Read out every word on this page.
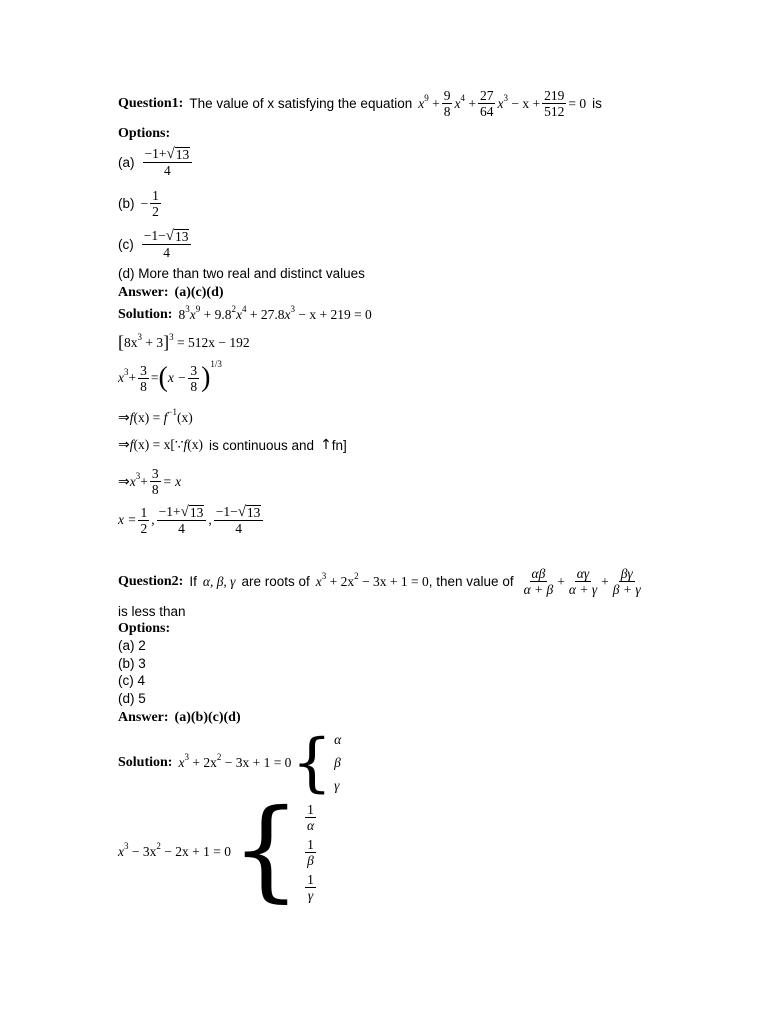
Question1: The value of x satisfying the equation x $9 + \frac{9}{8}$ x $4 + \frac{27}{64}$ x 3
− $x + \frac{219}{512} = 0$ is
Options:
$(a) \frac{-1+ √ 13}{4}$
$(b) - \frac{1}{2}$
$(c) \frac{-1- √ 13}{4}$
(d) More than two real and distinct values
Answer: (a)(c)(d)
Solution: 8 3 x 9
+ 9.8 2 x 4
+ 27.8 x 3
− x + 219 = 0
[ 8x 3
+ 3 ] 3
= 512x − 192
x $3 + \frac{3}{8}$ = ( $x - \frac{3}{8}$ ) 1/3
⇒ f (x)
=
f −1 (x)
⇒ f (x)
= x [∵ f (x) is continuous and ↑ fn]
⇒ x $3 + \frac{3}{8} = x$
$x = \frac{1}{2}$ , $\frac{-1+ √ 13}{4}$ , $\frac{-1- √ 13}{4}$
Question2: If α, β, γ are roots of x 3
+ 2x 2
− 3x + 1 = 0 , then value of $\frac{\alpha\beta}{\alpha + \beta} + \frac{\alpha\gamma}{\alpha + \gamma} + \frac{\beta\gamma}{\beta + \gamma}$
is less than
Options:
(a) 2
(b) 3
(c) 4
(d) 5
Answer: (a)(b)(c)(d)
Solution: x 3
+ 2x 2
− 3x + 1 = 0 { α
β
γ
x 3
− 3x 2
− 2x + 1 = 0 { $\frac{1}{\alpha}$
$\frac{1}{\beta}$
$\frac{1}{\gamma}$
